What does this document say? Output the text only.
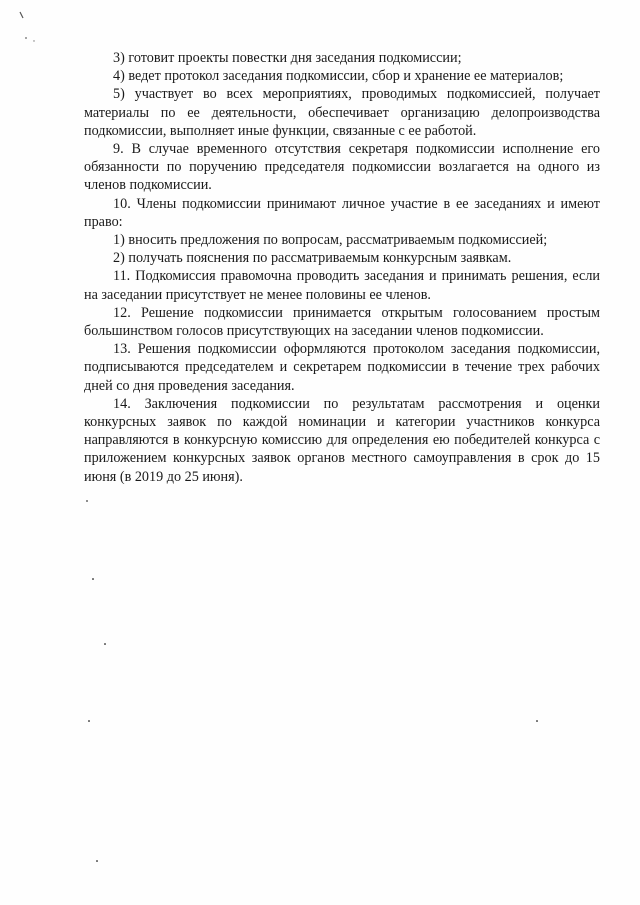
3) готовит проекты повестки дня заседания подкомиссии;

4) ведет протокол заседания подкомиссии, сбор и хранение ее материалов;

5) участвует во всех мероприятиях, проводимых подкомиссией, получает материалы по ее деятельности, обеспечивает организацию делопроизводства подкомиссии, выполняет иные функции, связанные с ее работой.

9. В случае временного отсутствия секретаря подкомиссии исполнение его обязанности по поручению председателя подкомиссии возлагается на одного из членов подкомиссии.

10. Члены подкомиссии принимают личное участие в ее заседаниях и имеют право:

1) вносить предложения по вопросам, рассматриваемым подкомиссией;

2) получать пояснения по рассматриваемым конкурсным заявкам.

11. Подкомиссия правомочна проводить заседания и принимать решения, если на заседании присутствует не менее половины ее членов.

12. Решение подкомиссии принимается открытым голосованием простым большинством голосов присутствующих на заседании членов подкомиссии.

13. Решения подкомиссии оформляются протоколом заседания подкомиссии, подписываются председателем и секретарем подкомиссии в течение трех рабочих дней со дня проведения заседания.

14. Заключения подкомиссии по результатам рассмотрения и оценки конкурсных заявок по каждой номинации и категории участников конкурса направляются в конкурсную комиссию для определения ею победителей конкурса с приложением конкурсных заявок органов местного самоуправления в срок до 15 июня (в 2019 до 25 июня).
